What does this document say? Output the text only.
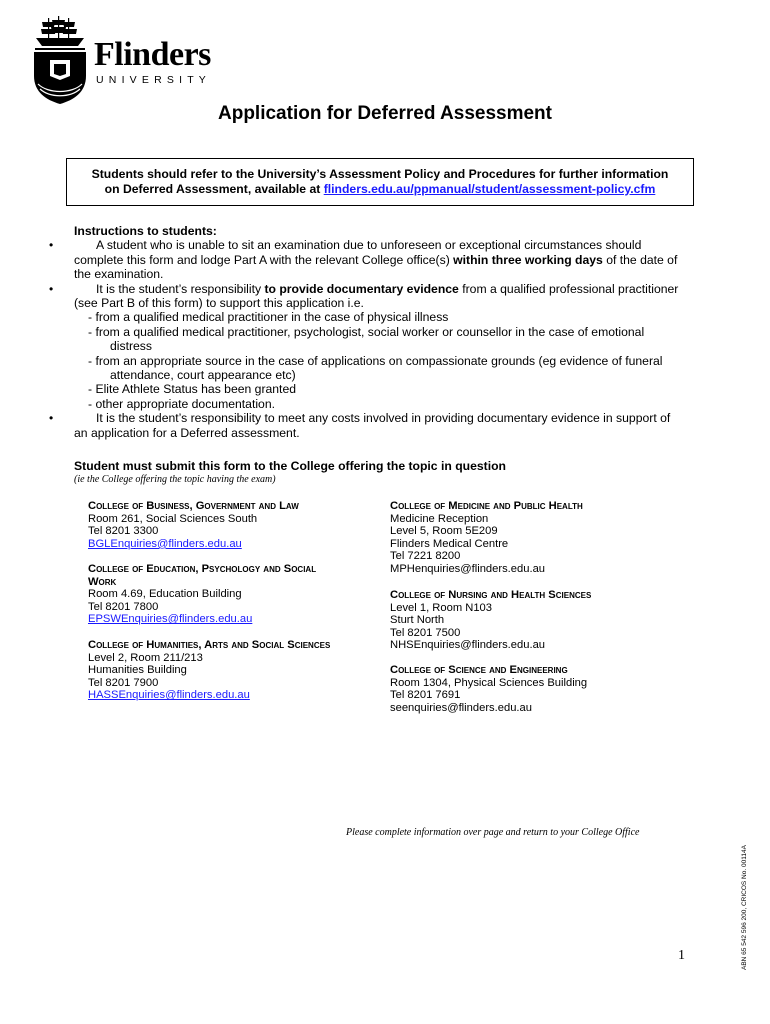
Flinders
UNIVERSITY
Application for Deferred Assessment
Students should refer to the University’s Assessment Policy and Procedures for further information
on Deferred Assessment, available at flinders.edu.au/ppmanual/student/assessment-policy.cfm
Instructions to students:
•	A student who is unable to sit an examination due to unforeseen or exceptional circumstances should
complete this form and lodge Part A with the relevant College office(s) within three working days of the date of
the examination.
•	It is the student’s responsibility to provide documentary evidence from a qualified professional practitioner
(see Part B of this form) to support this application i.e.
- from a qualified medical practitioner in the case of physical illness
- from a qualified medical practitioner, psychologist, social worker or counsellor in the case of emotional
distress
- from an appropriate source in the case of applications on compassionate grounds (eg evidence of funeral
attendance, court appearance etc)
- Elite Athlete Status has been granted
- other appropriate documentation.
•	It is the student’s responsibility to meet any costs involved in providing documentary evidence in support of
an application for a Deferred assessment.
Student must submit this form to the College offering the topic in question
(ie the College offering the topic having the exam)
College of Business, Government and Law
Room 261, Social Sciences South
Tel 8201 3300
BGLEnquiries@flinders.edu.au
College of Education, Psychology and Social
Work
Room 4.69, Education Building
Tel 8201 7800
EPSWEnquiries@flinders.edu.au
College of Humanities, Arts and Social Sciences
Level 2, Room 211/213
Humanities Building
Tel 8201 7900
HASSEnquiries@flinders.edu.au
College of Medicine and Public Health
Medicine Reception
Level 5, Room 5E209
Flinders Medical Centre
Tel 7221 8200
MPHenquiries@flinders.edu.au
College of Nursing and Health Sciences
Level 1, Room N103
Sturt North
Tel 8201 7500
NHSEnquiries@flinders.edu.au
College of Science and Engineering
Room 1304, Physical Sciences Building
Tel 8201 7691
seenquiries@flinders.edu.au
Please complete information over page and return to your College Office
1	ABN 65 542 596 200, CRICOS No. 00114A
